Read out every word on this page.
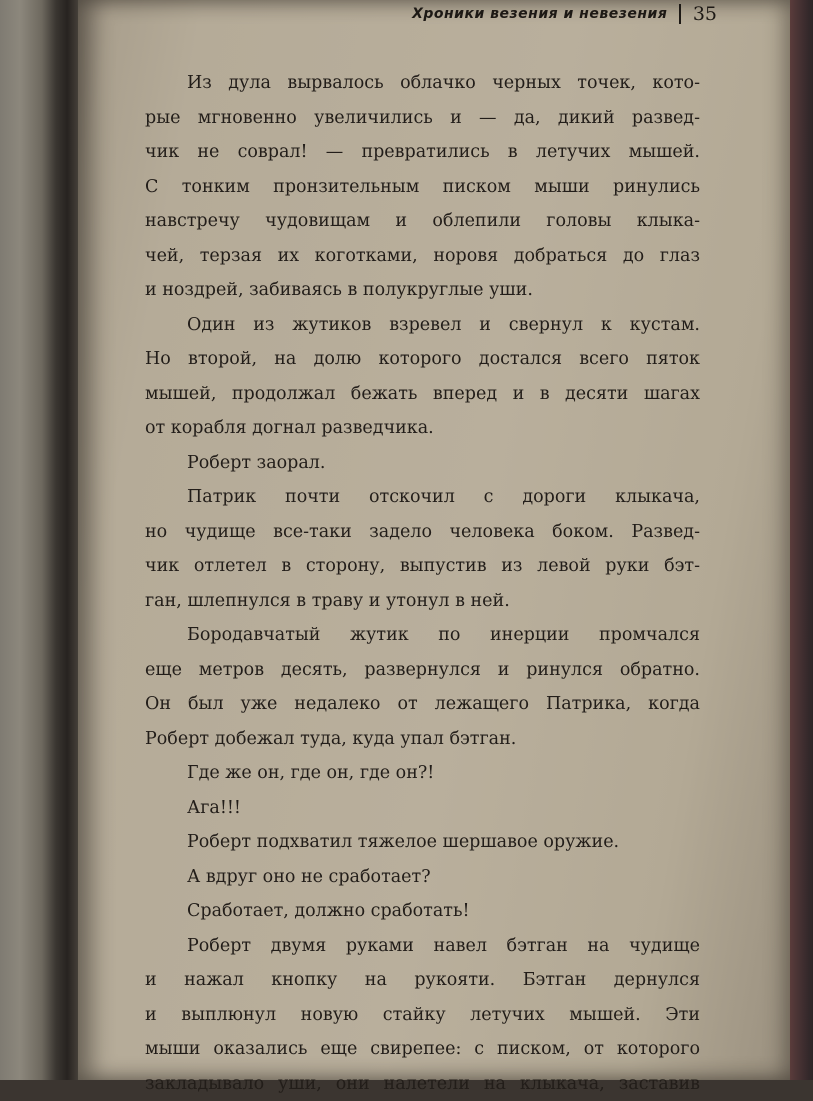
Хроники везения и невезения 35
Из дула вырвалось облачко черных точек, кото-
рые мгновенно увеличились и — да, дикий развед-
чик не соврал! — превратились в летучих мышей.
С тонким пронзительным писком мыши ринулись
навстречу чудовищам и облепили головы клыка-
чей, терзая их коготками, норовя добраться до глаз
и ноздрей, забиваясь в полукруглые уши.
Один из жутиков взревел и свернул к кустам.
Но второй, на долю которого достался всего пяток
мышей, продолжал бежать вперед и в десяти шагах
от корабля догнал разведчика.
Роберт заорал.
Патрик почти отскочил с дороги клыкача,
но чудище все-таки задело человека боком. Развед-
чик отлетел в сторону, выпустив из левой руки бэт-
ган, шлепнулся в траву и утонул в ней.
Бородавчатый жутик по инерции промчался
еще метров десять, развернулся и ринулся обратно.
Он был уже недалеко от лежащего Патрика, когда
Роберт добежал туда, куда упал бэтган.
Где же он, где он, где он?!
Ага!!!
Роберт подхватил тяжелое шершавое оружие.
А вдруг оно не сработает?
Сработает, должно сработать!
Роберт двумя руками навел бэтган на чудище
и нажал кнопку на рукояти. Бэтган дернулся
и выплюнул новую стайку летучих мышей. Эти
мыши оказались еще свирепее: с писком, от которого
закладывало уши, они налетели на клыкача, заставив
